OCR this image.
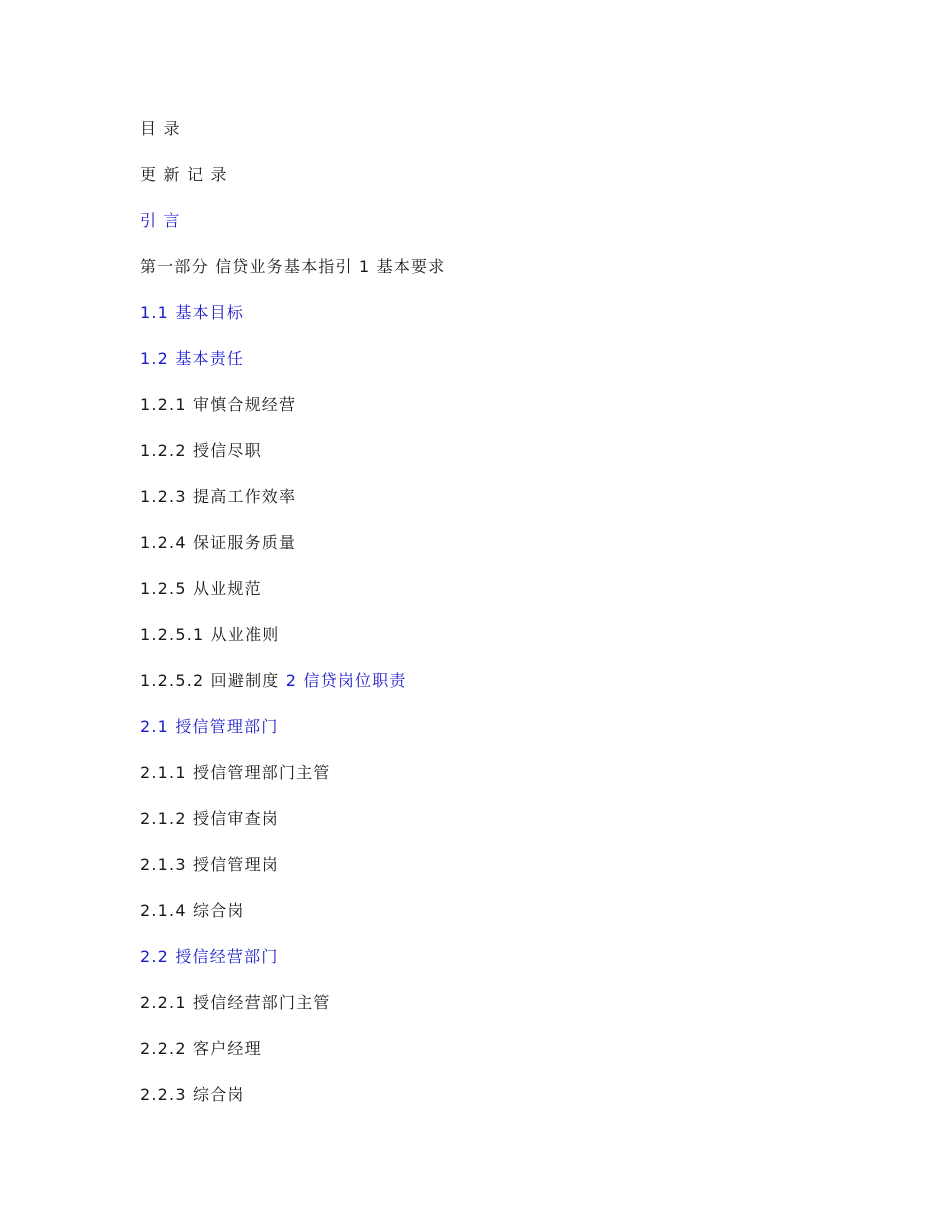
目 录
更 新 记 录
引 言
第一部分 信贷业务基本指引 1 基本要求
1.1 基本目标
1.2 基本责任
1.2.1 审慎合规经营
1.2.2 授信尽职
1.2.3 提高工作效率
1.2.4 保证服务质量
1.2.5 从业规范
1.2.5.1 从业准则
1.2.5.2 回避制度 2 信贷岗位职责
2.1 授信管理部门
2.1.1 授信管理部门主管
2.1.2 授信审查岗
2.1.3 授信管理岗
2.1.4 综合岗
2.2 授信经营部门
2.2.1 授信经营部门主管
2.2.2 客户经理
2.2.3 综合岗
